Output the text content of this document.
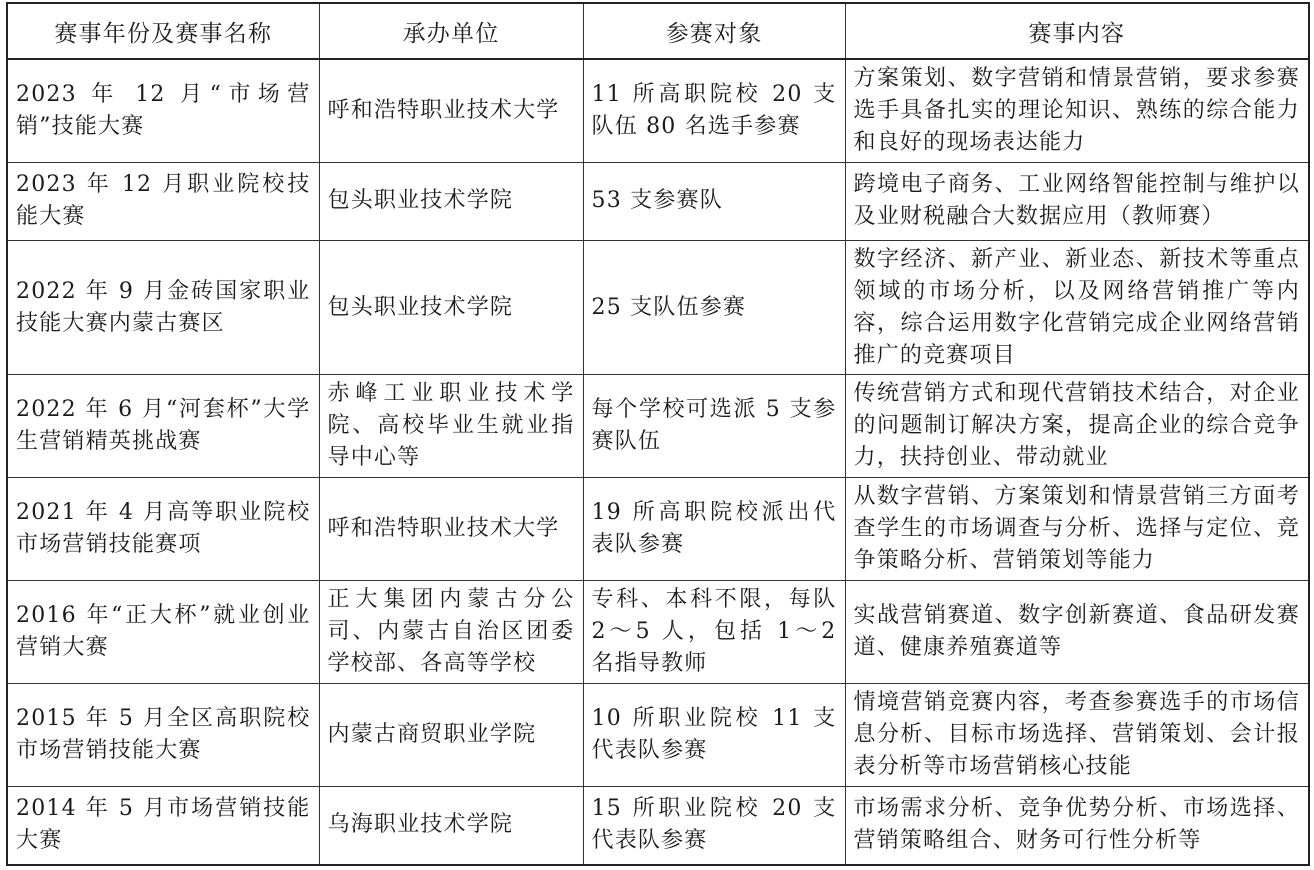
赛事年份及赛事名称	承办单位	参赛对象	赛事内容
2023 年 12 月“市场营销”技能大赛	呼和浩特职业技术大学	11 所高职院校 20 支队伍 80 名选手参赛	方案策划、数字营销和情景营销，要求参赛选手具备扎实的理论知识、熟练的综合能力和良好的现场表达能力
2023 年 12 月职业院校技能大赛	包头职业技术学院	53 支参赛队	跨境电子商务、工业网络智能控制与维护以及业财税融合大数据应用（教师赛）
2022 年 9 月金砖国家职业技能大赛内蒙古赛区	包头职业技术学院	25 支队伍参赛	数字经济、新产业、新业态、新技术等重点领域的市场分析，以及网络营销推广等内容，综合运用数字化营销完成企业网络营销推广的竞赛项目
2022 年 6 月“河套杯”大学生营销精英挑战赛	赤峰工业职业技术学院、高校毕业生就业指导中心等	每个学校可选派 5 支参赛队伍	传统营销方式和现代营销技术结合，对企业的问题制订解决方案，提高企业的综合竞争力，扶持创业、带动就业
2021 年 4 月高等职业院校市场营销技能赛项	呼和浩特职业技术大学	19 所高职院校派出代表队参赛	从数字营销、方案策划和情景营销三方面考查学生的市场调查与分析、选择与定位、竞争策略分析、营销策划等能力
2016 年“正大杯”就业创业营销大赛	正大集团内蒙古分公司、内蒙古自治区团委学校部、各高等学校	专科、本科不限，每队 2～5 人，包括 1～2 名指导教师	实战营销赛道、数字创新赛道、食品研发赛道、健康养殖赛道等
2015 年 5 月全区高职院校市场营销技能大赛	内蒙古商贸职业学院	10 所职业院校 11 支代表队参赛	情境营销竞赛内容，考查参赛选手的市场信息分析、目标市场选择、营销策划、会计报表分析等市场营销核心技能
2014 年 5 月市场营销技能大赛	乌海职业技术学院	15 所职业院校 20 支代表队参赛	市场需求分析、竞争优势分析、市场选择、营销策略组合、财务可行性分析等
